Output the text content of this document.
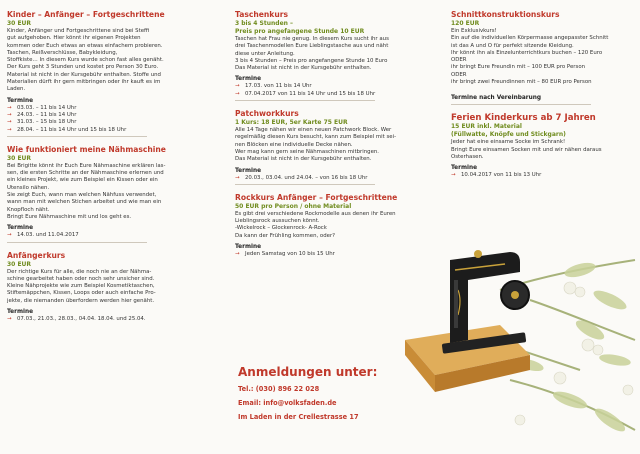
Kinder – Anfänger – Fortgeschrittene

30 EUR
Kinder, Anfänger und Fortgeschrittene sind bei Steffi
gut aufgehoben. Hier könnt ihr eigenen Projekten
kommen oder Euch etwas an etwas einfachem probieren.
Taschen, Reißverschlüsse, Babykleidung,
Stoffkiste… In diesem Kurs wurde schon fast alles genäht.
Der Kurs geht 3 Stunden und kostet pro Person 30 Euro.
Material ist nicht in der Kursgebühr enthalten. Stoffe und
Materialien dürft ihr gern mitbringen oder ihr kauft es im
Laden.
Termine
→ 03.03. – 11 bis 14 Uhr
→ 24.03. – 11 bis 14 Uhr
→ 31.03. – 15 bis 18 Uhr
→ 28.04. – 11 bis 14 Uhr und 15 bis 18 Uhr

Wie funktioniert meine Nähmaschine

30 EUR
Bei Brigitte könnt ihr Euch Eure Nähmaschine erklären las-
sen, die ersten Schritte an der Nähmaschine erlernen und
ein kleines Projekt, wie zum Beispiel ein Kissen oder ein
Utensilo nähen.
Sie zeigt Euch, wann man welchen Nähfuss verwendet,
wann man mit welchen Stichen arbeitet und wie man ein
Knopfloch näht.
Bringt Eure Nähmaschine mit und los geht es.
Termine
→ 14.03. und 11.04.2017

Anfängerkurs

30 EUR
Der richtige Kurs für alle, die noch nie an der Nähma-
schine gearbeitet haben oder noch sehr unsicher sind.
Kleine Nähprojekte wie zum Beispiel Kosmetiktaschen,
Stiftemäppchen, Kissen, Loops oder auch einfache Pro-
jekte, die niemanden überfordern werden hier genäht.
Termine
→ 07.03., 21.03., 28.03., 04.04. 18.04. und 25.04.

Taschenkurs

3 bis 4 Stunden –
Preis pro angefangene Stunde 10 EUR
Taschen hat Frau nie genug. In diesem Kurs sucht ihr aus
drei Taschenmodellen Eure Lieblingstasche aus und näht
diese unter Anleitung.
3 bis 4 Stunden – Preis pro angefangene Stunde 10 Euro
Das Material ist nicht in der Kursgebühr enthalten.
Termine
→ 17.03. von 11 bis 14 Uhr
→ 07.04.2017 von 11 bis 14 Uhr und 15 bis 18 Uhr

Patchworkkurs

1 Kurs: 18 EUR, 5er Karte 75 EUR
Alle 14 Tage nähen wir einen neuen Patchwork Block. Wer
regelmäßig diesen Kurs besucht, kann zum Beispiel mit sei-
nen Blöcken eine individuelle Decke nähen.
Wer mag kann gern seine Nähmaschinen mitbringen.
Das Material ist nicht in der Kursgebühr enthalten.
Termine
→ 20.03., 03.04. und 24.04. – von 16 bis 18 Uhr

Rockkurs Anfänger – Fortgeschrittene

50 EUR pro Person / ohne Material
Es gibt drei verschiedene Rockmodelle aus denen ihr Euren
Lieblingsrock aussuchen könnt.
-Wickelrock – Glockenrock- A-Rock
Da kann der Frühling kommen, oder?
Termine
→ Jeden Samstag von 10 bis 15 Uhr

Schnittkonstruktionskurs

120 EUR
Ein Exklusivkurs!
Ein auf die individuellen Körpermasse angepasster Schnitt
ist das A und O für perfekt sitzende Kleidung.
Ihr könnt ihn als Einzelunterrichtkurs buchen – 120 Euro
ODER
ihr bringt Eure Freundin mit – 100 EUR pro Person
ODER
ihr bringt zwei Freundinnen mit – 80 EUR pro Person
Termine nach Vereinbarung

Ferien Kinderkurs ab 7 Jahren

15 EUR inkl. Material
(Füllwatte, Knöpfe und Stickgarn)
Jeder hat eine einsame Socke im Schrank!
Bringt Eure einsamen Socken mit und wir nähen daraus
Osterhasen.
Termine
→ 10.04.2017 von 11 bis 13 Uhr
Anmeldungen unter:
Tel.: (030) 896 22 028
Email: info@volksfaden.de
Im Laden in der Crellestrasse 17
